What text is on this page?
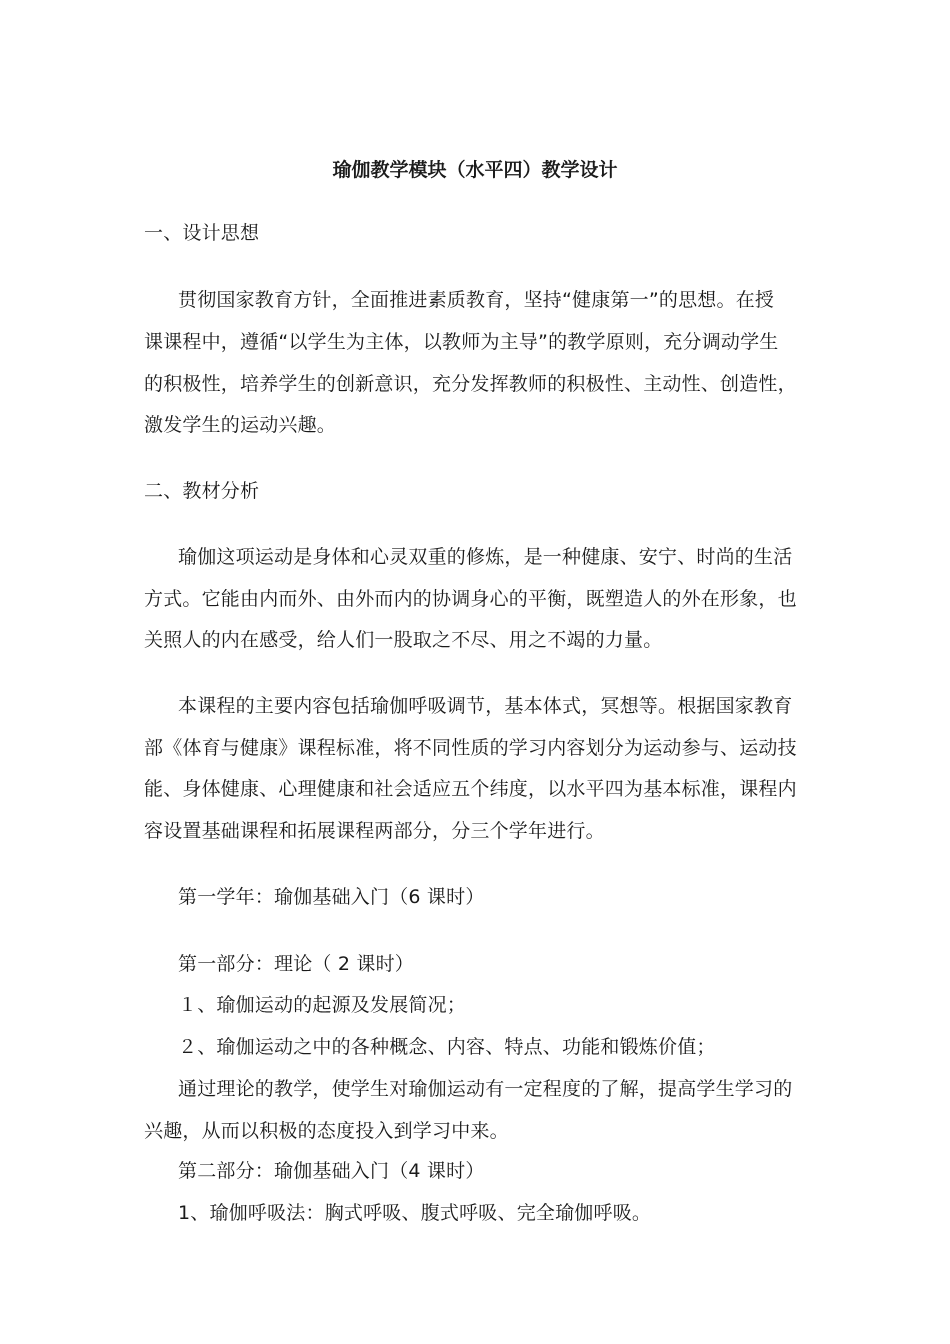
瑜伽教学模块（水平四）教学设计
一、设计思想
贯彻国家教育方针，全面推进素质教育，坚持“健康第一”的思想。在授
课课程中，遵循“以学生为主体，以教师为主导”的教学原则，充分调动学生
的积极性，培养学生的创新意识，充分发挥教师的积极性、主动性、创造性，
激发学生的运动兴趣。
二、教材分析
瑜伽这项运动是身体和心灵双重的修炼，是一种健康、安宁、时尚的生活
方式。它能由内而外、由外而内的协调身心的平衡，既塑造人的外在形象，也
关照人的内在感受，给人们一股取之不尽、用之不竭的力量。
本课程的主要内容包括瑜伽呼吸调节，基本体式，冥想等。根据国家教育
部《体育与健康》课程标准，将不同性质的学习内容划分为运动参与、运动技
能、身体健康、心理健康和社会适应五个纬度，以水平四为基本标准，课程内
容设置基础课程和拓展课程两部分，分三个学年进行。
第一学年：瑜伽基础入门（6 课时）
第一部分：理论（ 2 课时）
１、瑜伽运动的起源及发展简况；
２、瑜伽运动之中的各种概念、内容、特点、功能和锻炼价值；
通过理论的教学，使学生对瑜伽运动有一定程度的了解，提高学生学习的
兴趣，从而以积极的态度投入到学习中来。
第二部分：瑜伽基础入门（4 课时）
1、瑜伽呼吸法：胸式呼吸、腹式呼吸、完全瑜伽呼吸。
